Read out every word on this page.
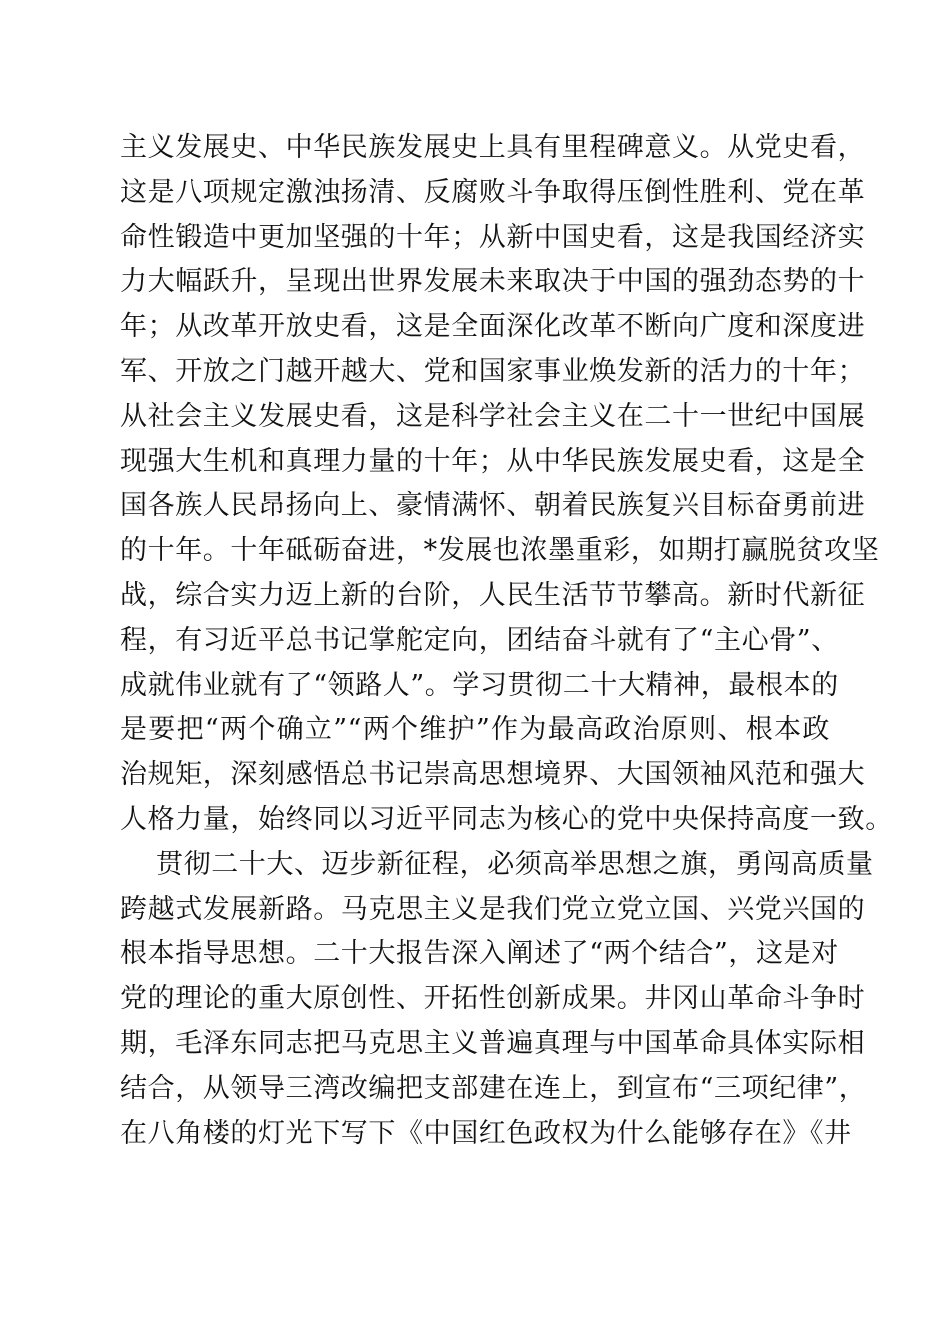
主义发展史、中华民族发展史上具有里程碑意义。从党史看，
这是八项规定激浊扬清、反腐败斗争取得压倒性胜利、党在革
命性锻造中更加坚强的十年；从新中国史看，这是我国经济实
力大幅跃升，呈现出世界发展未来取决于中国的强劲态势的十
年；从改革开放史看，这是全面深化改革不断向广度和深度进
军、开放之门越开越大、党和国家事业焕发新的活力的十年；
从社会主义发展史看，这是科学社会主义在二十一世纪中国展
现强大生机和真理力量的十年；从中华民族发展史看，这是全
国各族人民昂扬向上、豪情满怀、朝着民族复兴目标奋勇前进
的十年。十年砥砺奋进，*发展也浓墨重彩，如期打赢脱贫攻坚
战，综合实力迈上新的台阶，人民生活节节攀高。新时代新征
程，有习近平总书记掌舵定向，团结奋斗就有了“主心骨”、
成就伟业就有了“领路人”。学习贯彻二十大精神，最根本的
是要把“两个确立”“两个维护”作为最高政治原则、根本政
治规矩，深刻感悟总书记崇高思想境界、大国领袖风范和强大
人格力量，始终同以习近平同志为核心的党中央保持高度一致。
贯彻二十大、迈步新征程，必须高举思想之旗，勇闯高质量
跨越式发展新路。马克思主义是我们党立党立国、兴党兴国的
根本指导思想。二十大报告深入阐述了“两个结合”，这是对
党的理论的重大原创性、开拓性创新成果。井冈山革命斗争时
期，毛泽东同志把马克思主义普遍真理与中国革命具体实际相
结合，从领导三湾改编把支部建在连上，到宣布“三项纪律”，
在八角楼的灯光下写下《中国红色政权为什么能够存在》《井
